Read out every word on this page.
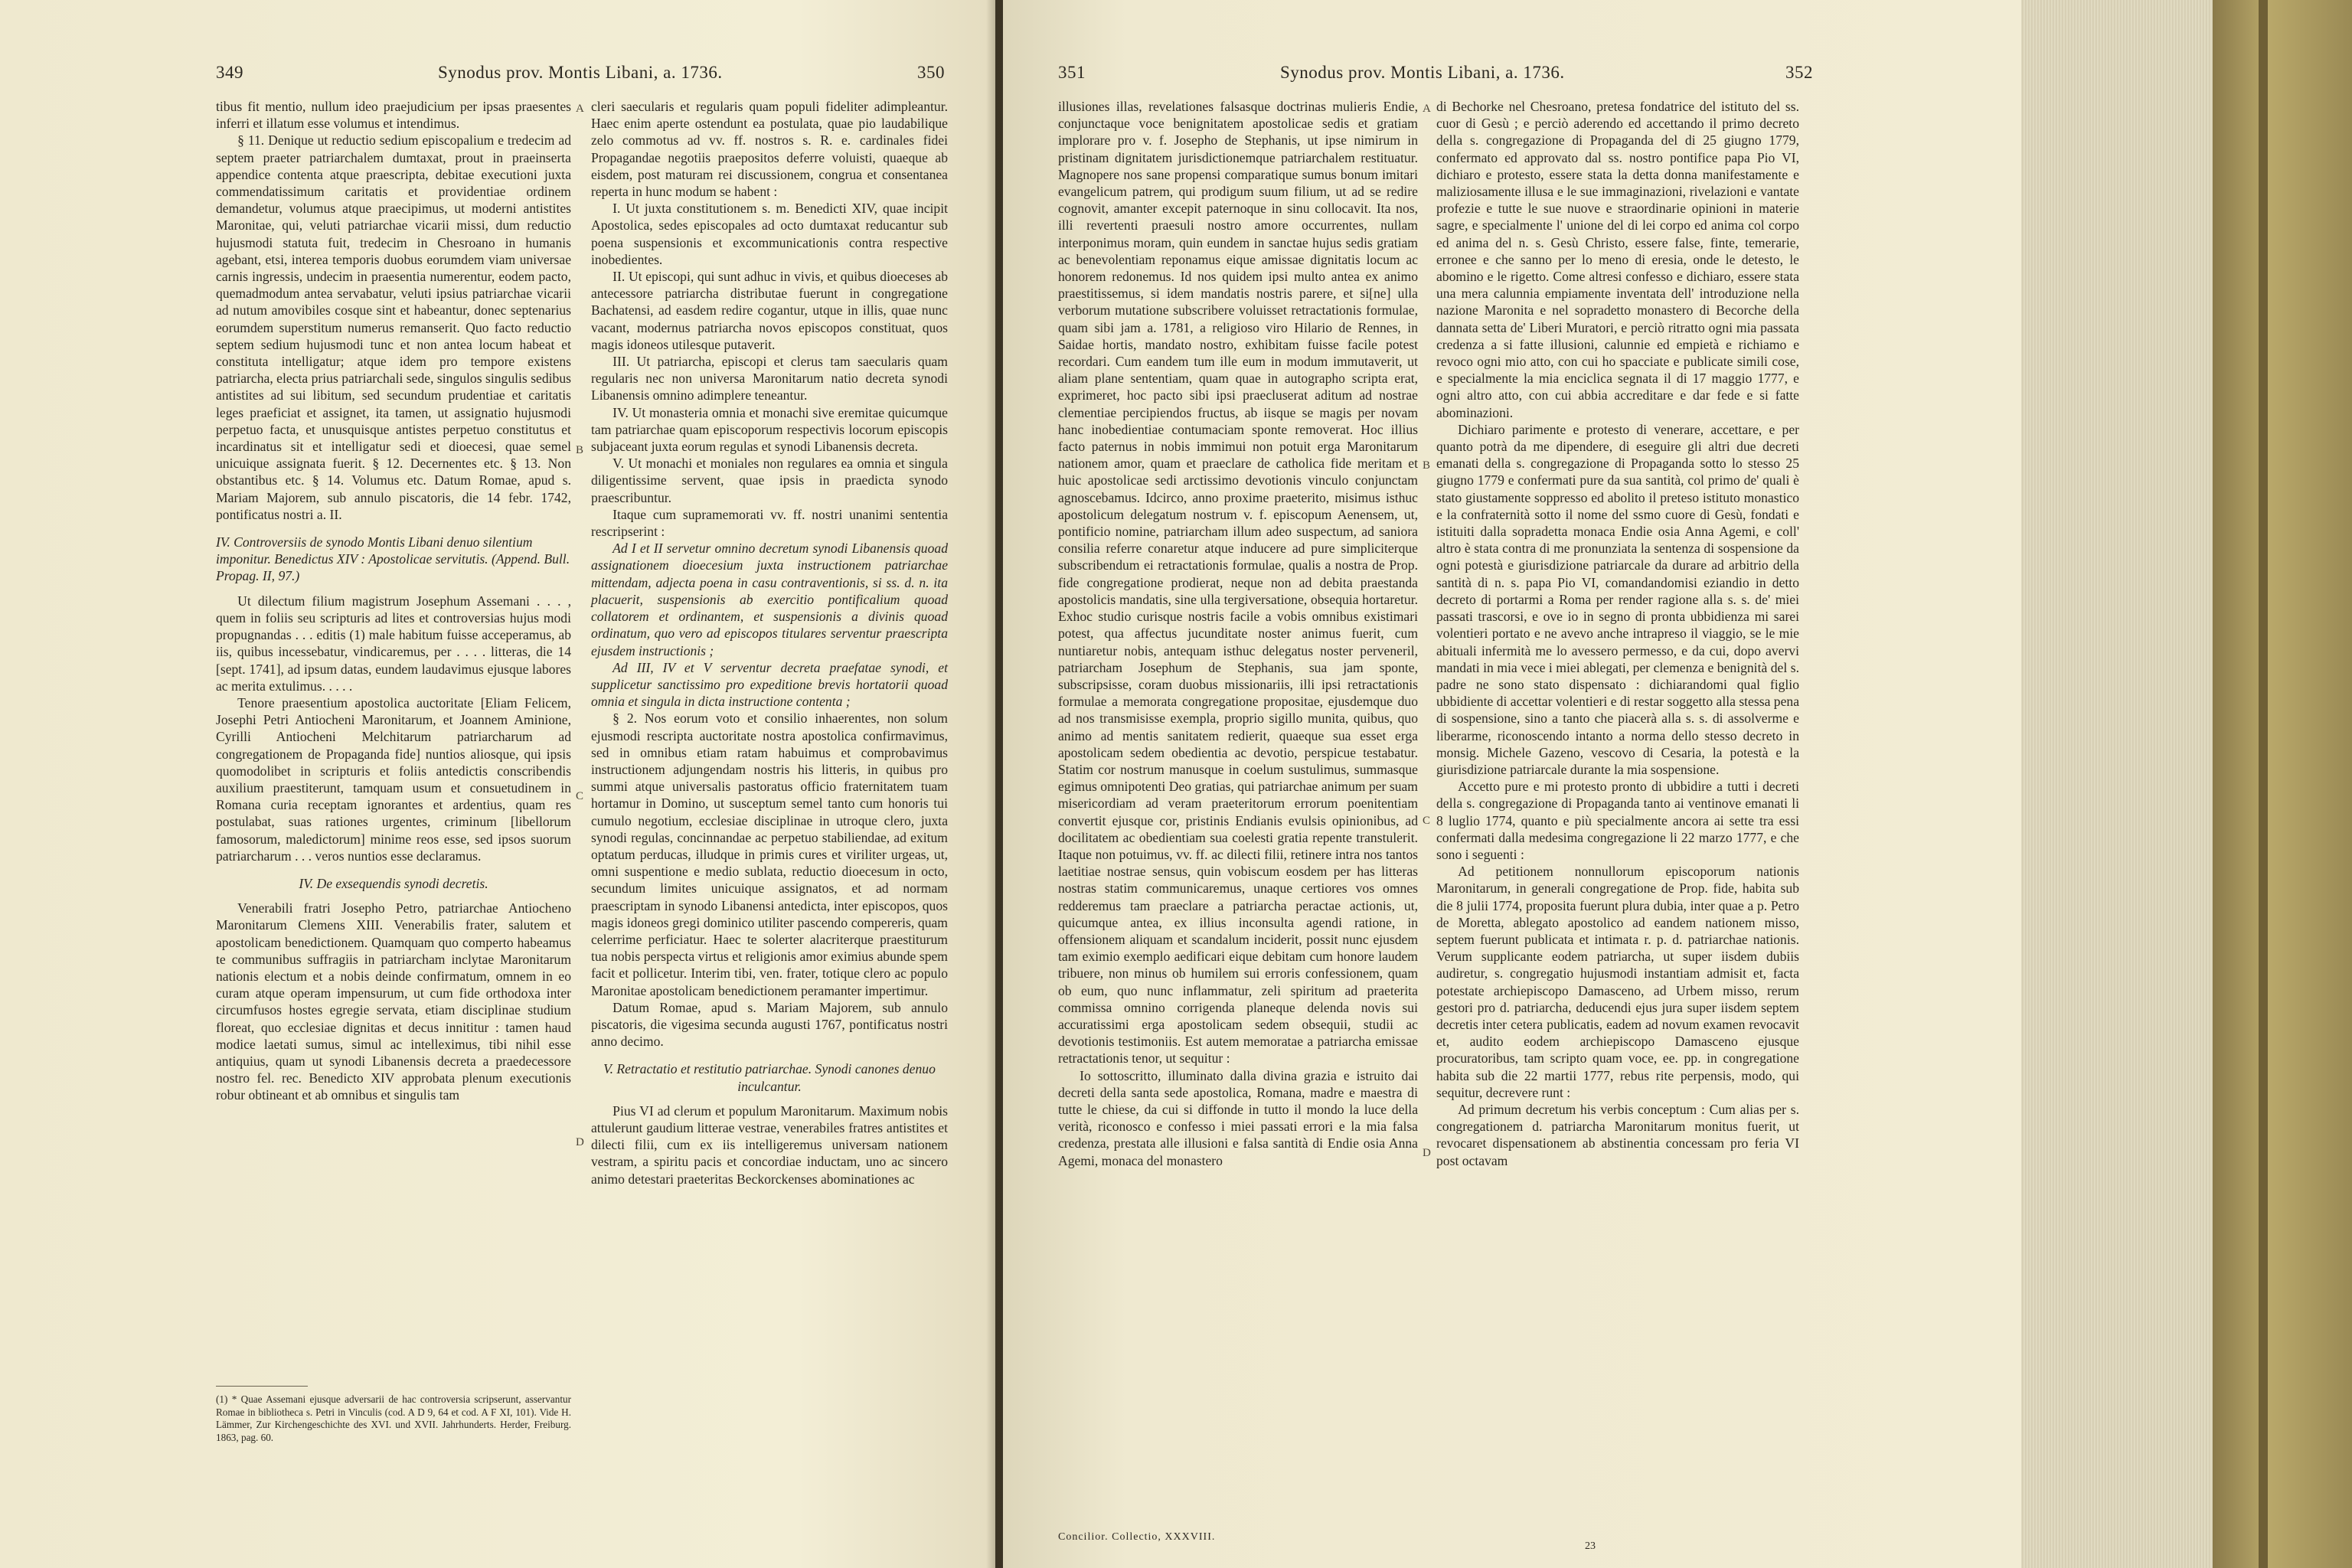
349	Synodus prov. Montis Libani, a. 1736.	350

tibus fit mentio, nullum ideo praejudicium per ipsas praesentes inferri et illatum esse volumus et intendimus.

§ 11. Denique ut reductio sedium episcopalium e tredecim ad septem praeter patriarchalem dumtaxat, prout in praeinserta appendice contenta atque praescripta, debitae executioni juxta commendatissimum caritatis et providentiae ordinem demandetur, volumus atque praecipimus, ut moderni antistites Maronitae, qui, veluti patriarchae vicarii missi, dum reductio hujusmodi statuta fuit, tredecim in Chesroano in humanis agebant, etsi, interea temporis duobus eorumdem viam universae carnis ingressis, undecim in praesentia numerentur, eodem pacto, quemadmodum antea servabatur, veluti ipsius patriarchae vicarii ad nutum amovibiles cosque sint et habeantur, donec septenarius eorumdem superstitum numerus remanserit. Quo facto reductio septem sedium hujusmodi tunc et non antea locum habeat et constituta intelligatur; atque idem pro tempore existens patriarcha, electa prius patriarchali sede, singulos singulis sedibus antistites ad sui libitum, sed secundum prudentiae et caritatis leges praeficiat et assignet, ita tamen, ut assignatio hujusmodi perpetuo facta, et unusquisque antistes perpetuo constitutus et incardinatus sit et intelligatur sedi et dioecesi, quae semel unicuique assignata fuerit. § 12. Decernentes etc. § 13. Non obstantibus etc. § 14. Volumus etc. Datum Romae, apud s. Mariam Majorem, sub annulo piscatoris, die 14 febr. 1742, pontificatus nostri a. II.

IV. Controversiis de synodo Montis Libani denuo silentium imponitur. Benedictus XIV : Apostolicae servitutis. (Append. Bull. Propag. II, 97.)

Ut dilectum filium magistrum Josephum Assemani . . . , quem in foliis seu scripturis ad lites et controversias hujus modi propugnandas . . . editis (1) male habitum fuisse acceperamus, ab iis, quibus incessebatur, vindicaremus, per . . . . litteras, die 14 [sept. 1741], ad ipsum datas, eundem laudavimus ejusque labores ac merita extulimus. . . . .

Tenore praesentium apostolica auctoritate [Eliam Felicem, Josephi Petri Antiocheni Maronitarum, et Joannem Aminione, Cyrilli Antiocheni Melchitarum patriarcharum ad congregationem de Propaganda fide] nuntios aliosque, qui ipsis quomodolibet in scripturis et foliis antedictis conscribendis auxilium praestiterunt, tamquam usum et consuetudinem in Romana curia receptam ignorantes et ardentius, quam res postulabat, suas rationes urgentes, criminum [libellorum famosorum, maledictorum] minime reos esse, sed ipsos suorum patriarcharum . . . veros nuntios esse declaramus.

IV. De exsequendis synodi decretis.

Venerabili fratri Josepho Petro, patriarchae Antiocheno Maronitarum Clemens XIII. Venerabilis frater, salutem et apostolicam benedictionem. Quamquam quo comperto habeamus te communibus suffragiis in patriarcham inclytae Maronitarum nationis electum et a nobis deinde confirmatum, omnem in eo curam atque operam impensurum, ut cum fide orthodoxa inter circumfusos hostes egregie servata, etiam disciplinae studium floreat, quo ecclesiae dignitas et decus innititur : tamen haud modice laetati sumus, simul ac intelleximus, tibi nihil esse antiquius, quam ut synodi Libanensis decreta a praedecessore nostro fel. rec. Benedicto XIV approbata plenum executionis robur obtineant et ab omnibus et singulis tam

(1) * Quae Assemani ejusque adversarii de hac controversia scripserunt, asservantur Romae in bibliotheca s. Petri in Vinculis (cod. A D 9, 64 et cod. A F XI, 101). Vide H. Lämmer, Zur Kirchengeschichte des XVI. und XVII. Jahrhunderts. Herder, Freiburg. 1863, pag. 60.
A
B
C
D

cleri saecularis et regularis quam populi fideliter adimpleantur. Haec enim aperte ostendunt ea postulata, quae pio laudabilique zelo commotus ad vv. ff. nostros s. R. e. cardinales fidei Propagandae negotiis praepositos deferre voluisti, quaeque ab eisdem, post maturam rei discussionem, congrua et consentanea reperta in hunc modum se habent :

I. Ut juxta constitutionem s. m. Benedicti XIV, quae incipit Apostolica, sedes episcopales ad octo dumtaxat reducantur sub poena suspensionis et excommunicationis contra respective inobedientes.

II. Ut episcopi, qui sunt adhuc in vivis, et quibus dioeceses ab antecessore patriarcha distributae fuerunt in congregatione Bachatensi, ad easdem redire cogantur, utque in illis, quae nunc vacant, modernus patriarcha novos episcopos constituat, quos magis idoneos utilesque putaverit.

III. Ut patriarcha, episcopi et clerus tam saecularis quam regularis nec non universa Maronitarum natio decreta synodi Libanensis omnino adimplere teneantur.

IV. Ut monasteria omnia et monachi sive eremitae quicumque tam patriarchae quam episcoporum respectivis locorum episcopis subjaceant juxta eorum regulas et synodi Libanensis decreta.

V. Ut monachi et moniales non regulares ea omnia et singula diligentissime servent, quae ipsis in praedicta synodo praescribuntur.

Itaque cum supramemorati vv. ff. nostri unanimi sententia rescripserint :

Ad I et II servetur omnino decretum synodi Libanensis quoad assignationem dioecesium juxta instructionem patriarchae mittendam, adjecta poena in casu contraventionis, si ss. d. n. ita placuerit, suspensionis ab exercitio pontificalium quoad collatorem et ordinantem, et suspensionis a divinis quoad ordinatum, quo vero ad episcopos titulares serventur praescripta ejusdem instructionis ;

Ad III, IV et V serventur decreta praefatae synodi, et supplicetur sanctissimo pro expeditione brevis hortatorii quoad omnia et singula in dicta instructione contenta ;

§ 2. Nos eorum voto et consilio inhaerentes, non solum ejusmodi rescripta auctoritate nostra apostolica confirmavimus, sed in omnibus etiam ratam habuimus et comprobavimus instructionem adjungendam nostris his litteris, in quibus pro summi atque universalis pastoratus officio fraternitatem tuam hortamur in Domino, ut susceptum semel tanto cum honoris tui cumulo negotium, ecclesiae disciplinae in utroque clero, juxta synodi regulas, concinnandae ac perpetuo stabiliendae, ad exitum optatum perducas, illudque in primis cures et viriliter urgeas, ut, omni suspentione e medio sublata, reductio dioecesum in octo, secundum limites unicuique assignatos, et ad normam praescriptam in synodo Libanensi antedicta, inter episcopos, quos magis idoneos gregi dominico utiliter pascendo compereris, quam celerrime perficiatur. Haec te solerter alacriterque praestiturum tua nobis perspecta virtus et religionis amor eximius abunde spem facit et pollicetur. Interim tibi, ven. frater, totique clero ac populo Maronitae apostolicam benedictionem peramanter impertimur.

Datum Romae, apud s. Mariam Majorem, sub annulo piscatoris, die vigesima secunda augusti 1767, pontificatus nostri anno decimo.

V. Retractatio et restitutio patriarchae. Synodi canones denuo inculcantur.

Pius VI ad clerum et populum Maronitarum. Maximum nobis attulerunt gaudium litterae vestrae, venerabiles fratres antistites et dilecti filii, cum ex iis intelligeremus universam nationem vestram, a spiritu pacis et concordiae inductam, uno ac sincero animo detestari praeteritas Beckorckenses abominationes ac

351	Synodus prov. Montis Libani, a. 1736.	352

illusiones illas, revelationes falsasque doctrinas mulieris Endie, conjunctaque voce benignitatem apostolicae sedis et gratiam implorare pro v. f. Josepho de Stephanis, ut ipse nimirum in pristinam dignitatem jurisdictionemque patriarchalem restituatur. Magnopere nos sane propensi comparatique sumus bonum imitari evangelicum patrem, qui prodigum suum filium, ut ad se redire cognovit, amanter excepit paternoque in sinu collocavit. Ita nos, illi revertenti praesuli nostro amore occurrentes, nullam interponimus moram, quin eundem in sanctae hujus sedis gratiam ac benevolentiam reponamus eique amissae dignitatis locum ac honorem redonemus. Id nos quidem ipsi multo antea ex animo praestitissemus, si idem mandatis nostris parere, et si[ne] ulla verborum mutatione subscribere voluisset retractationis formulae, quam sibi jam a. 1781, a religioso viro Hilario de Rennes, in Saidae hortis, mandato nostro, exhibitam fuisse facile potest recordari. Cum eandem tum ille eum in modum immutaverit, ut aliam plane sententiam, quam quae in autographo scripta erat, exprimeret, hoc pacto sibi ipsi praecluserat aditum ad nostrae clementiae percipiendos fructus, ab iisque se magis per novam hanc inobedientiae contumaciam sponte removerat. Hoc illius facto paternus in nobis immimui non potuit erga Maronitarum nationem amor, quam et praeclare de catholica fide meritam et huic apostolicae sedi arctissimo devotionis vinculo conjunctam agnoscebamus. Idcirco, anno proxime praeterito, misimus isthuc apostolicum delegatum nostrum v. f. episcopum Aenensem, ut, pontificio nomine, patriarcham illum adeo suspectum, ad saniora consilia referre conaretur atque inducere ad pure simpliciterque subscribendum ei retractationis formulae, qualis a nostra de Prop. fide congregatione prodierat, neque non ad debita praestanda apostolicis mandatis, sine ulla tergiversatione, obsequia hortaretur. Exhoc studio curisque nostris facile a vobis omnibus existimari potest, qua affectus jucunditate noster animus fuerit, cum nuntiaretur nobis, antequam isthuc delegatus noster perveneril, patriarcham Josephum de Stephanis, sua jam sponte, subscripsisse, coram duobus missionariis, illi ipsi retractationis formulae a memorata congregatione propositae, ejusdemque duo ad nos transmisisse exempla, proprio sigillo munita, quibus, quo animo ad mentis sanitatem redierit, quaeque sua esset erga apostolicam sedem obedientia ac devotio, perspicue testabatur. Statim cor nostrum manusque in coelum sustulimus, summasque egimus omnipotenti Deo gratias, qui patriarchae animum per suam misericordiam ad veram praeteritorum errorum poenitentiam convertit ejusque cor, pristinis Endianis evulsis opinionibus, ad docilitatem ac obedientiam sua coelesti gratia repente transtulerit. Itaque non potuimus, vv. ff. ac dilecti filii, retinere intra nos tantos laetitiae nostrae sensus, quin vobiscum eosdem per has litteras nostras statim communicaremus, unaque certiores vos omnes redderemus tam praeclare a patriarcha peractae actionis, ut, quicumque antea, ex illius inconsulta agendi ratione, in offensionem aliquam et scandalum inciderit, possit nunc ejusdem tam eximio exemplo aedificari eique debitam cum honore laudem tribuere, non minus ob humilem sui erroris confessionem, quam ob eum, quo nunc inflammatur, zeli spiritum ad praeterita commissa omnino corrigenda planeque delenda novis sui accuratissimi erga apostolicam sedem obsequii, studii ac devotionis testimoniis. Est autem memoratae a patriarcha emissae retractationis tenor, ut sequitur :

Io sottoscritto, illuminato dalla divina grazia e istruito dai decreti della santa sede apostolica, Romana, madre e maestra di tutte le chiese, da cui si diffonde in tutto il mondo la luce della verità, riconosco e confesso i miei passati errori e la mia falsa credenza, prestata alle illusioni e falsa santità di Endie osia Anna Agemi, monaca del monastero

Concilior. Collectio, XXXVIII.
A
B
C
D

di Bechorke nel Chesroano, pretesa fondatrice del istituto del ss. cuor di Gesù ; e perciò aderendo ed accettando il primo decreto della s. congregazione di Propaganda del di 25 giugno 1779, confermato ed approvato dal ss. nostro pontifice papa Pio VI, dichiaro e protesto, essere stata la detta donna manifestamente e maliziosamente illusa e le sue immaginazioni, rivelazioni e vantate profezie e tutte le sue nuove e straordinarie opinioni in materie sagre, e specialmente l' unione del di lei corpo ed anima col corpo ed anima del n. s. Gesù Christo, essere false, finte, temerarie, erronee e che sanno per lo meno di eresia, onde le detesto, le abomino e le rigetto. Come altresi confesso e dichiaro, essere stata una mera calunnia empiamente inventata dell' introduzione nella nazione Maronita e nel sopradetto monastero di Becorche della dannata setta de' Liberi Muratori, e perciò ritratto ogni mia passata credenza a si fatte illusioni, calunnie ed empietà e richiamo e revoco ogni mio atto, con cui ho spacciate e publicate simili cose, e specialmente la mia enciclica segnata il di 17 maggio 1777, e ogni altro atto, con cui abbia accreditare e dar fede e si fatte abominazioni.

Dichiaro parimente e protesto di venerare, accettare, e per quanto potrà da me dipendere, di eseguire gli altri due decreti emanati della s. congregazione di Propaganda sotto lo stesso 25 giugno 1779 e confermati pure da sua santità, col primo de' quali è stato giustamente soppresso ed abolito il preteso istituto monastico e la confraternità sotto il nome del ssmo cuore di Gesù, fondati e istituiti dalla sopradetta monaca Endie osia Anna Agemi, e coll' altro è stata contra di me pronunziata la sentenza di sospensione da ogni potestà e giurisdizione patriarcale da durare ad arbitrio della santità di n. s. papa Pio VI, comandandomisi eziandio in detto decreto di portarmi a Roma per render ragione alla s. s. de' miei passati trascorsi, e ove io in segno di pronta ubbidienza mi sarei volentieri portato e ne avevo anche intrapreso il viaggio, se le mie abituali infermità me lo avessero permesso, e da cui, dopo avervi mandati in mia vece i miei ablegati, per clemenza e benignità del s. padre ne sono stato dispensato : dichiarandomi qual figlio ubbidiente di accettar volentieri e di restar soggetto alla stessa pena di sospensione, sino a tanto che piacerà alla s. s. di assolverme e liberarme, riconoscendo intanto a norma dello stesso decreto in monsig. Michele Gazeno, vescovo di Cesaria, la potestà e la giurisdizione patriarcale durante la mia sospensione.

Accetto pure e mi protesto pronto di ubbidire a tutti i decreti della s. congregazione di Propaganda tanto ai ventinove emanati li 8 luglio 1774, quanto e più specialmente ancora ai sette tra essi confermati dalla medesima congregazione li 22 marzo 1777, e che sono i seguenti :

Ad petitionem nonnullorum episcoporum nationis Maronitarum, in generali congregatione de Prop. fide, habita sub die 8 julii 1774, proposita fuerunt plura dubia, inter quae a p. Petro de Moretta, ablegato apostolico ad eandem nationem misso, septem fuerunt publicata et intimata r. p. d. patriarchae nationis. Verum supplicante eodem patriarcha, ut super iisdem dubiis audiretur, s. congregatio hujusmodi instantiam admisit et, facta potestate archiepiscopo Damasceno, ad Urbem misso, rerum gestori pro d. patriarcha, deducendi ejus jura super iisdem septem decretis inter cetera publicatis, eadem ad novum examen revocavit et, audito eodem archiepiscopo Damasceno ejusque procuratoribus, tam scripto quam voce, ee. pp. in congregatione habita sub die 22 martii 1777, rebus rite perpensis, modo, qui sequitur, decrevere runt :

Ad primum decretum his verbis conceptum : Cum alias per s. congregationem d. patriarcha Maronitarum monitus fuerit, ut revocaret dispensationem ab abstinentia concessam pro feria VI post octavam

23
